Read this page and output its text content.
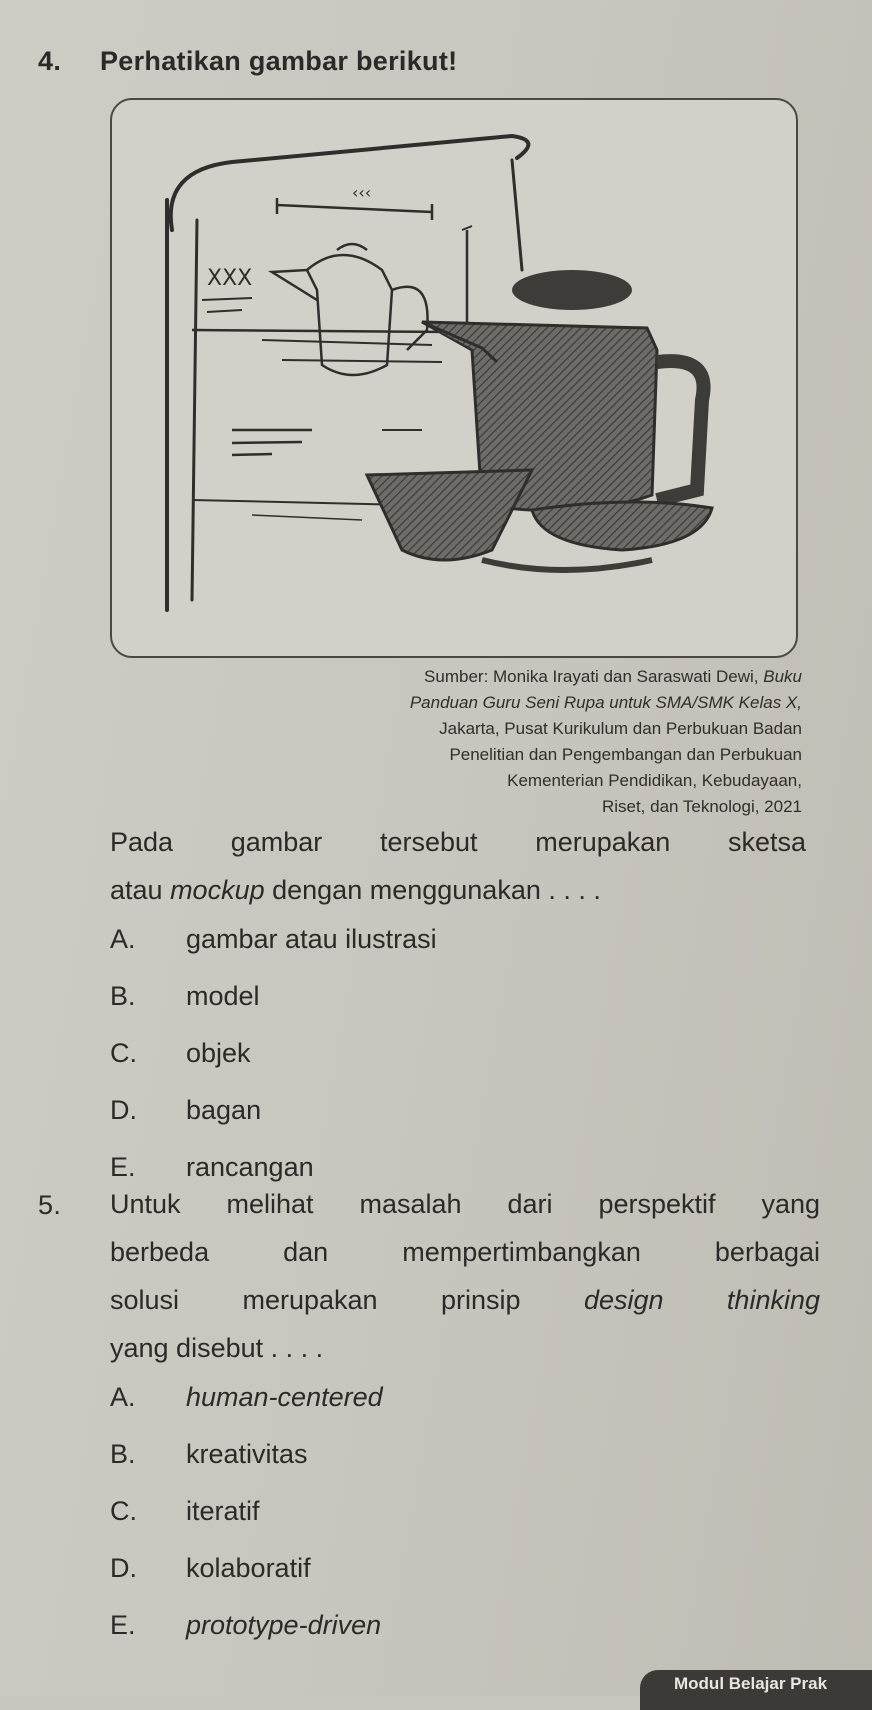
4. Perhatikan gambar berikut!
‹‹‹
XXX
Sumber: Monika Irayati dan Saraswati Dewi, Buku
Panduan Guru Seni Rupa untuk SMA/SMK Kelas X,
Jakarta, Pusat Kurikulum dan Perbukuan Badan
Penelitian dan Pengembangan dan Perbukuan
Kementerian Pendidikan, Kebudayaan,
Riset, dan Teknologi, 2021
Pada gambar tersebut merupakan sketsa
atau mockup dengan menggunakan . . . .
A. gambar atau ilustrasi
B. model
C. objek
D. bagan
E. rancangan
5. Untuk melihat masalah dari perspektif yang
berbeda dan mempertimbangkan berbagai
solusi merupakan prinsip design thinking
yang disebut . . . .
A. human-centered
B. kreativitas
C. iteratif
D. kolaboratif
E. prototype-driven
Modul Belajar Prak
